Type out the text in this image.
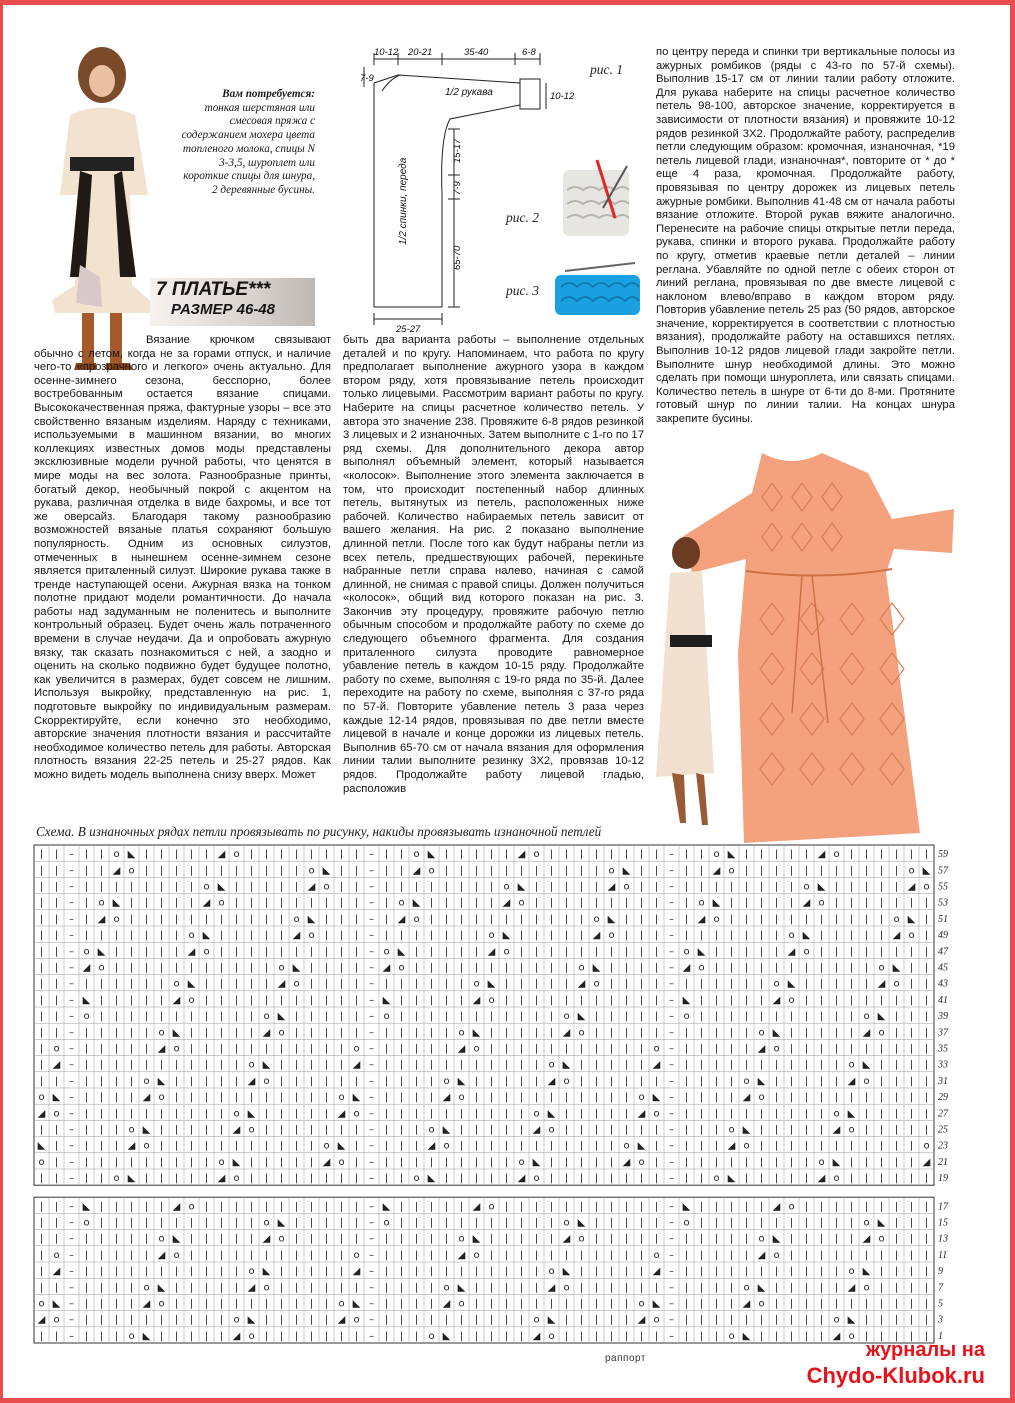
Вам потребуется:
тонкая шерстяная или смесовая пряжа с содержанием мохера цвета топленого молока, спицы N 3-3,5, шуроплет или короткие спицы для шнура, 2 деревянные бусины.
7 ПЛАТЬЕ***
РАЗМЕР 46-48

Вязание крючком связывают обычно с летом, когда не за горами отпуск, и наличие чего-то «прозрачного и легкого» очень актуально. Для осенне-зимнего сезона, бесспорно, более востребованным остается вязание спицами. Высококачественная пряжа, фактурные узоры – все это свойственно вязаным изделиям. Наряду с техниками, используемыми в машинном вязании, во многих коллекциях известных домов моды представлены эксклюзивные модели ручной работы, что ценятся в мире моды на вес золота. Разнообразные принты, богатый декор, необычный покрой с акцентом на рукава, различная отделка в виде бахромы, и все тот же оверсайз. Благодаря такому разнообразию возможностей вязаные платья сохраняют большую популярность. Одним из основных силуэтов, отмеченных в нынешнем осенне-зимнем сезоне является приталенный силуэт. Широкие рукава также в тренде наступающей осени. Ажурная вязка на тонком полотне придают модели романтичности. До начала работы над задуманным не поленитесь и выполните контрольный образец. Будет очень жаль потраченного времени в случае неудачи. Да и опробовать ажурную вязку, так сказать познакомиться с ней, а заодно и оценить на сколько подвижно будет будущее полотно, как увеличится в размерах, будет совсем не лишним. Используя выкройку, представленную на рис. 1, подготовьте выкройку по индивидуальным размерам. Скорректируйте, если конечно это необходимо, авторские значения плотности вязания и рассчитайте необходимое количество петель для работы. Авторская плотность вязания 22-25 петель и 25-27 рядов. Как можно видеть модель выполнена снизу вверх. Может

быть два варианта работы – выполнение отдельных деталей и по кругу. Напоминаем, что работа по кругу предполагает выполнение ажурного узора в каждом втором ряду, хотя провязывание петель происходит только лицевыми. Рассмотрим вариант работы по кругу. Наберите на спицы расчетное количество петель. У автора это значение 238. Провяжите 6-8 рядов резинкой 3 лицевых и 2 изнаночных. Затем выполните с 1-го по 17 ряд схемы. Для дополнительного декора автор выполнял объемный элемент, который называется «колосок». Выполнение этого элемента заключается в том, что происходит постепенный набор длинных петель, вытянутых из петель, расположенных ниже рабочей. Количество набираемых петель зависит от вашего желания. На рис. 2 показано выполнение длинной петли. После того как будут набраны петли из всех петель, предшествующих рабочей, перекиньте набранные петли справа налево, начиная с самой длинной, не снимая с правой спицы. Должен получиться «колосок», общий вид которого показан на рис. 3. Закончив эту процедуру, провяжите рабочую петлю обычным способом и продолжайте работу по схеме до следующего объемного фрагмента. Для создания приталенного силуэта проводите равномерное убавление петель в каждом 10-15 ряду. Продолжайте работу по схеме, выполняя с 19-го ряда по 35-й. Далее переходите на работу по схеме, выполняя с 37-го ряда по 57-й. Повторите убавление петель 3 раза через каждые 12-14 рядов, провязывая по две петли вместе лицевой в начале и конце дорожки из лицевых петель. Выполнив 65-70 см от начала вязания для оформления линии талии выполните резинку 3Х2, провязав 10-12 рядов. Продолжайте работу лицевой гладью, расположив

по центру переда и спинки три вертикальные полосы из ажурных ромбиков (ряды с 43-го по 57-й схемы). Выполнив 15-17 см от линии талии работу отложите. Для рукава наберите на спицы расчетное количество петель 98-100, авторское значение, корректируется в зависимости от плотности вязания) и провяжите 10-12 рядов резинкой 3Х2. Продолжайте работу, распределив петли следующим образом: кромочная, изнаночная, *19 петель лицевой глади, изнаночная*, повторите от * до * еще 4 раза, кромочная. Продолжайте работу, провязывая по центру дорожек из лицевых петель ажурные ромбики. Выполнив 41-48 см от начала работы вязание отложите. Второй рукав вяжите аналогично. Перенесите на рабочие спицы открытые петли переда, рукава, спинки и второго рукава. Продолжайте работу по кругу, отметив краевые петли деталей – линии реглана. Убавляйте по одной петле с обеих сторон от линий реглана, провязывая по две вместе лицевой с наклоном влево/вправо в каждом втором ряду. Повторив убавление петель 25 раз (50 рядов, авторское значение, корректируется в соответствии с плотностью вязания), продолжайте работу на оставшихся петлях. Выполнив 10-12 рядов лицевой глади закройте петли. Выполните шнур необходимой длины. Это можно сделать при помощи шнуроплета, или связать спицами. Количество петель в шнуре от 6-ти до 8-ми. Протяните готовый шнур по линии талии. На концах шнура закрепите бусины.

10-12 20-21	35-40	6-8
7-9
1/2 рукава	10-12
1/2 спинки, переда
15-17
7-9
65-70
25-27
рис. 1
рис. 2
рис. 3
Схема. В изнаночных рядах петли провязывать по рисунку, накиды провязывать изнаночной петлей
59
| | – | | o ◣ | | | | | ◢ o | | | | | | | | – | | o ◣ | | | | | ◢ o | | | | | | | | – | | o ◣ | | | | | ◢ o | | | | | |
57
| | – | | ◢ o | | | | | | | | | | | o ◣ | | – | | ◢ o | | | | | | | | | | | o ◣ | | – | | ◢ o | | | | | | | | | | | o ◣
55
| | – | | | | | | | | o ◣ | | | | | ◢ o | | – | | | | | | | | o ◣ | | | | | ◢ o | | – | | | | | | | | o ◣ | | | | | ◢ o
53
| | – | o ◣ | | | | | ◢ o | | | | | | | | | – | o ◣ | | | | | ◢ o | | | | | | | | | – | o ◣ | | | | | ◢ o | | | | | | |
51
| | – | ◢ o | | | | | | | | | | | o ◣ | | | – | ◢ o | | | | | | | | | | | o ◣ | | | – | ◢ o | | | | | | | | | | | o ◣ |
49
| | – | | | | | | | o ◣ | | | | | ◢ o | | | – | | | | | | | o ◣ | | | | | ◢ o | | | – | | | | | | | o ◣ | | | | | ◢ o |
47
| | – o ◣ | | | | | ◢ o | | | | | | | | | | – o ◣ | | | | | ◢ o | | | | | | | | | | – o ◣ | | | | | ◢ o | | | | | | | |
45
| | – ◢ o | | | | | | | | | | | o ◣ | | | | – ◢ o | | | | | | | | | | | o ◣ | | | | – ◢ o | | | | | | | | | | | o ◣ | |
43
| | – | | | | | | o ◣ | | | | | ◢ o | | | | – | | | | | | o ◣ | | | | | ◢ o | | | | – | | | | | | o ◣ | | | | | ◢ o | |
41
| | – ◣ | | | | | ◢ o | | | | | | | | | | | – ◣ | | | | | ◢ o | | | | | | | | | | | – ◣ | | | | | ◢ o | | | | | | | | |
39
| | – o | | | | | | | | | | | o ◣ | | | | | – o | | | | | | | | | | | o ◣ | | | | | – o | | | | | | | | | | | o ◣ | | |
37
| | – | | | | | o ◣ | | | | | ◢ o | | | | | – | | | | | o ◣ | | | | | ◢ o | | | | | – | | | | | o ◣ | | | | | ◢ o | | |
35
| o – | | | | | ◢ o | | | | | | | | | | | o – | | | | | ◢ o | | | | | | | | | | | o – | | | | | ◢ o | | | | | | | | | |
33
| ◢ – | | | | | | | | | | | o ◣ | | | | | ◢ – | | | | | | | | | | | o ◣ | | | | | ◢ – | | | | | | | | | | | o ◣ | | | |
31
| | – | | | | o ◣ | | | | | ◢ o | | | | | | – | | | | o ◣ | | | | | ◢ o | | | | | | – | | | | o ◣ | | | | | ◢ o | | | |
29
o ◣ – | | | | ◢ o | | | | | | | | | | | o ◣ – | | | | ◢ o | | | | | | | | | | | o ◣ – | | | | ◢ o | | | | | | | | | | |
27
◢ o – | | | | | | | | | | o ◣ | | | | | ◢ o – | | | | | | | | | | o ◣ | | | | | ◢ o – | | | | | | | | | | o ◣ | | | | |
25
| | – | | | o ◣ | | | | | ◢ o | | | | | | | – | | | o ◣ | | | | | ◢ o | | | | | | | – | | | o ◣ | | | | | ◢ o | | | | |
23
◣ | – | | | ◢ o | | | | | | | | | | | o ◣ | – | | | ◢ o | | | | | | | | | | | o ◣ | – | | | ◢ o | | | | | | | | | | | o
21
o | – | | | | | | | | | o ◣ | | | | | ◢ o | – | | | | | | | | | o ◣ | | | | | ◢ o | – | | | | | | | | | o ◣ | | | | | ◢
19
| | – | | o ◣ | | | | | ◢ o | | | | | | | | – | | o ◣ | | | | | ◢ o | | | | | | | | – | | o ◣ | | | | | ◢ o | | | | | |
17
| | – ◣ | | | | | ◢ o | | | | | | | | | | | – ◣ | | | | | ◢ o | | | | | | | | | | | – ◣ | | | | | ◢ o | | | | | | | | |
15
| | – o | | | | | | | | | | | o ◣ | | | | | – o | | | | | | | | | | | o ◣ | | | | | – o | | | | | | | | | | | o ◣ | | |
13
| | – | | | | | o ◣ | | | | | ◢ o | | | | | – | | | | | o ◣ | | | | | ◢ o | | | | | – | | | | | o ◣ | | | | | ◢ o | | |
11
| o – | | | | | ◢ o | | | | | | | | | | | o – | | | | | ◢ o | | | | | | | | | | | o – | | | | | ◢ o | | | | | | | | | |
9
| ◢ – | | | | | | | | | | | o ◣ | | | | | ◢ – | | | | | | | | | | | o ◣ | | | | | ◢ – | | | | | | | | | | | o ◣ | | | |
7
| | – | | | | o ◣ | | | | | ◢ o | | | | | | – | | | | o ◣ | | | | | ◢ o | | | | | | – | | | | o ◣ | | | | | ◢ o | | | |
5
o ◣ – | | | | ◢ o | | | | | | | | | | | o ◣ – | | | | ◢ o | | | | | | | | | | | o ◣ – | | | | ◢ o | | | | | | | | | | |
3
◢ o – | | | | | | | | | | o ◣ | | | | | ◢ o – | | | | | | | | | | o ◣ | | | | | ◢ o – | | | | | | | | | | o ◣ | | | | |
1
| | – | | | o ◣ | | | | | ◢ o | | | | | | | – | | | o ◣ | | | | | ◢ o | | | | | | | – | | | o ◣ | | | | | ◢ o | | | | |
раппорт	журналы на
Chydo-Klubok.ru
